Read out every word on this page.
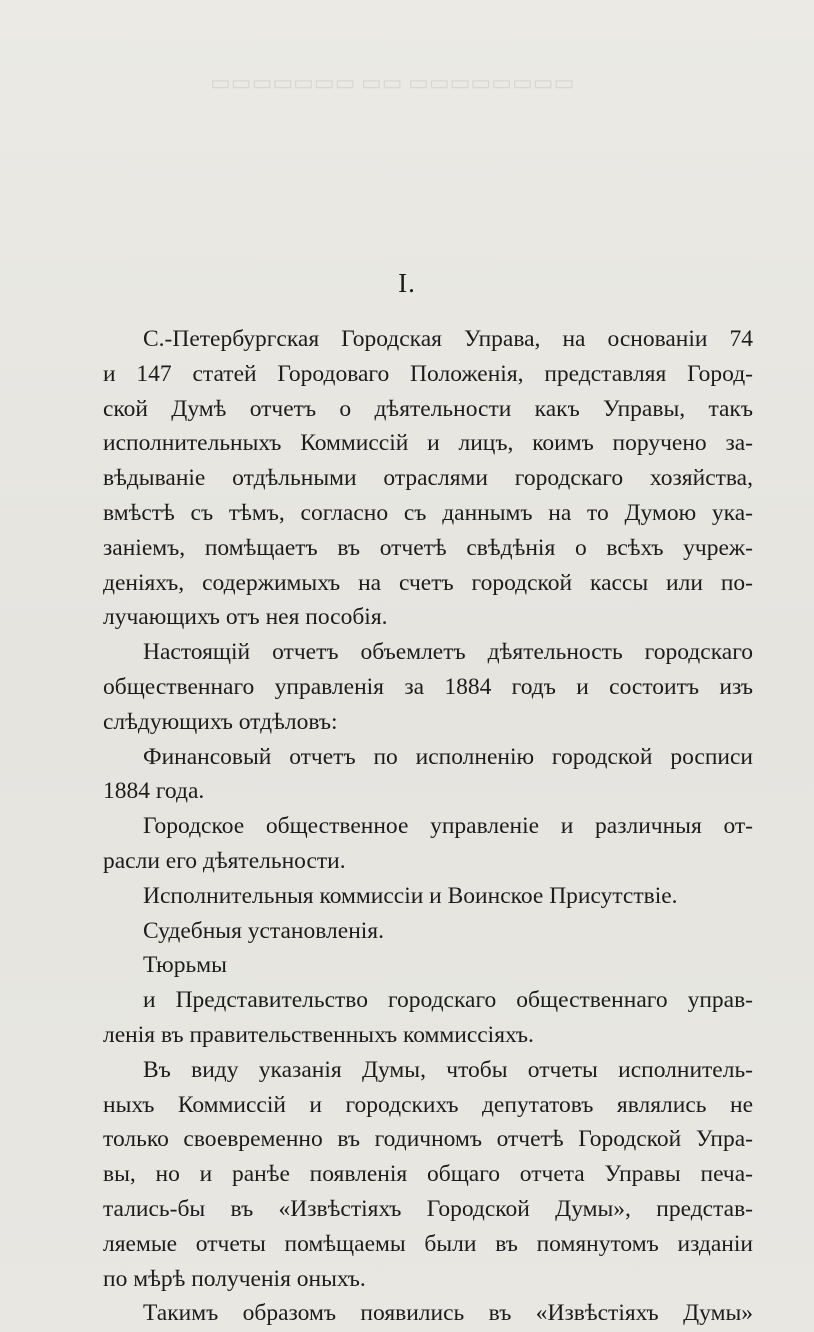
▭▭▭▭▭▭▭ ▭▭ ▭▭▭▭▭▭▭▭
I.

С.-Петербургская Городская Управа, на основаніи 74

и 147 статей Городоваго Положенія, представляя Город-

ской Думѣ отчетъ о дѣятельности какъ Управы, такъ

исполнительныхъ Коммиссій и лицъ, коимъ поручено за-

вѣдываніе отдѣльными отраслями городскаго хозяйства,

вмѣстѣ съ тѣмъ, согласно съ даннымъ на то Думою ука-

заніемъ, помѣщаетъ въ отчетѣ свѣдѣнія о всѣхъ учреж-

деніяхъ, содержимыхъ на счетъ городской кассы или по-

лучающихъ отъ нея пособія.

Настоящій отчетъ объемлетъ дѣятельность городскаго

общественнаго управленія за 1884 годъ и состоитъ изъ

слѣдующихъ отдѣловъ:

Финансовый отчетъ по исполненію городской росписи

1884 года.

Городское общественное управленіе и различныя от-

расли его дѣятельности.

Исполнительныя коммиссіи и Воинское Присутствіе.

Судебныя установленія.

Тюрьмы

и Представительство городскаго общественнаго управ-

ленія въ правительственныхъ коммиссіяхъ.

Въ виду указанія Думы, чтобы отчеты исполнитель-

ныхъ Коммиссій и городскихъ депутатовъ являлись не

только своевременно въ годичномъ отчетѣ Городской Упра-

вы, но и ранѣе появленія общаго отчета Управы печа-

тались-бы въ «Извѣстіяхъ Городской Думы», представ-

ляемые отчеты помѣщаемы были въ помянутомъ изданіи

по мѣрѣ полученія оныхъ.

Такимъ образомъ появились въ «Извѣстіяхъ Думы»
